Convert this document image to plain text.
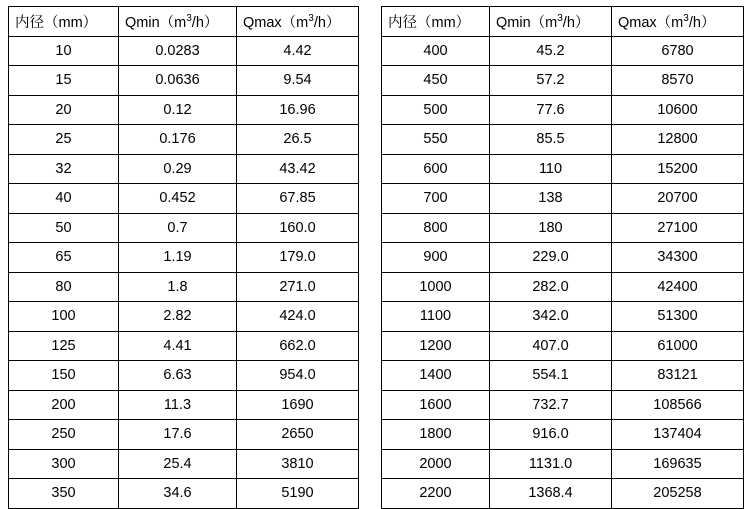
内径（mm）	$Qmin(m^3/h)$	$Qmax(m^3/h)$
10	0.0283	4.42
15	0.0636	9.54
20	0.12	16.96
25	0.176	26.5
32	0.29	43.42
40	0.452	67.85
50	0.7	160.0
65	1.19	179.0
80	1.8	271.0
100	2.82	424.0
125	4.41	662.0
150	6.63	954.0
200	11.3	1690
250	17.6	2650
300	25.4	3810
350	34.6	5190
内径（mm）	$Qmin(m^3/h)$	$Qmax(m^3/h)$
400	45.2	6780
450	57.2	8570
500	77.6	10600
550	85.5	12800
600	110	15200
700	138	20700
800	180	27100
900	229.0	34300
1000	282.0	42400
1100	342.0	51300
1200	407.0	61000
1400	554.1	83121
1600	732.7	108566
1800	916.0	137404
2000	1131.0	169635
2200	1368.4	205258
